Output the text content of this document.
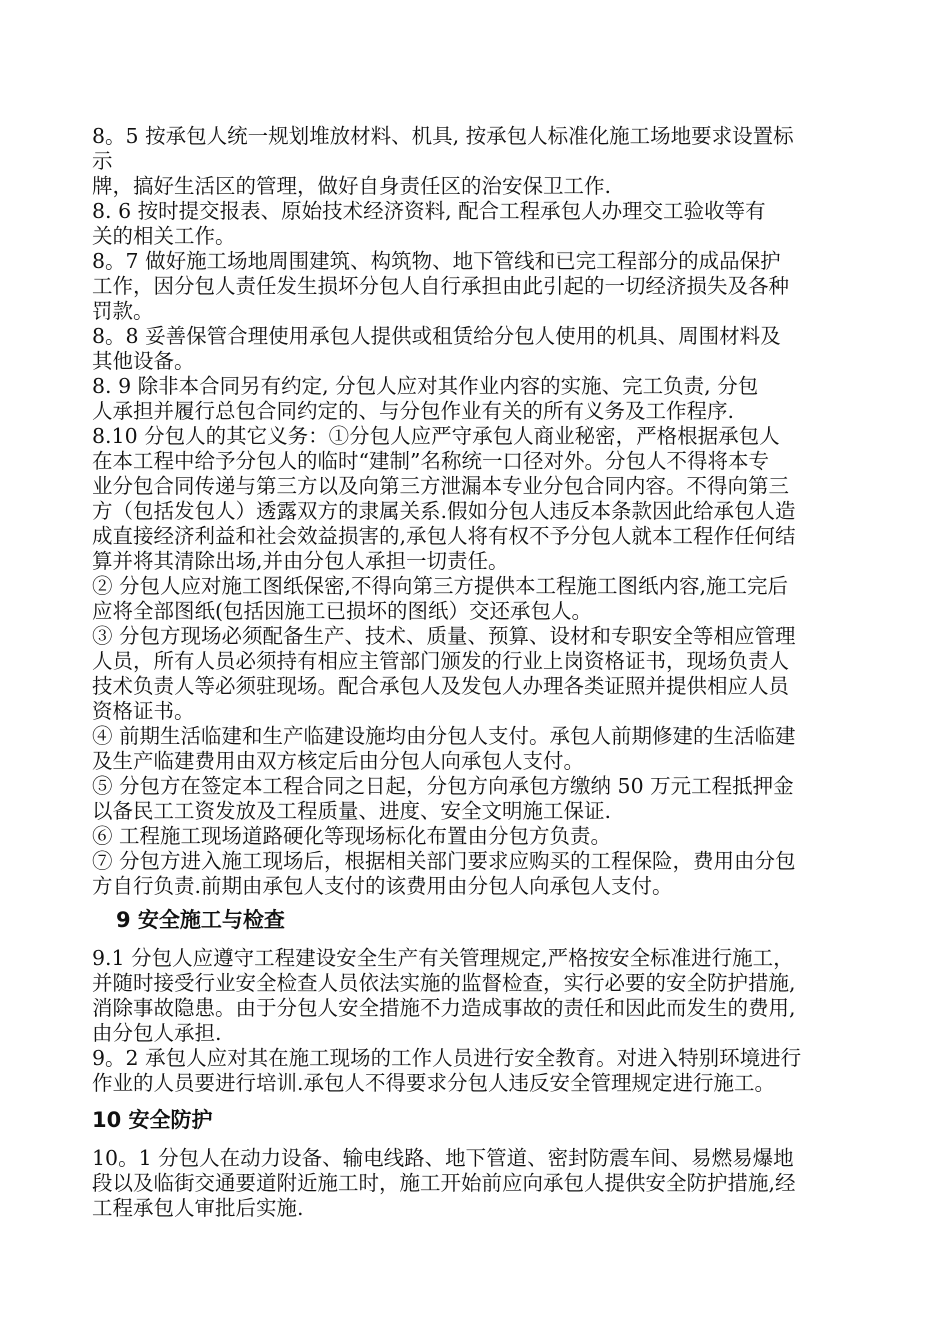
8。5 按承包人统一规划堆放材料、机具, 按承包人标准化施工场地要求设置标
示
牌，搞好生活区的管理，做好自身责任区的治安保卫工作.
8. 6 按时提交报表、原始技术经济资料, 配合工程承包人办理交工验收等有
关的相关工作。
8。7 做好施工场地周围建筑、构筑物、地下管线和已完工程部分的成品保护
工作，因分包人责任发生损坏分包人自行承担由此引起的一切经济损失及各种
罚款。
8。8 妥善保管合理使用承包人提供或租赁给分包人使用的机具、周围材料及
其他设备。
8. 9 除非本合同另有约定, 分包人应对其作业内容的实施、完工负责, 分包
人承担并履行总包合同约定的、与分包作业有关的所有义务及工作程序.
8.10 分包人的其它义务：①分包人应严守承包人商业秘密，严格根据承包人
在本工程中给予分包人的临时“建制”名称统一口径对外。分包人不得将本专
业分包合同传递与第三方以及向第三方泄漏本专业分包合同内容。不得向第三
方（包括发包人）透露双方的隶属关系.假如分包人违反本条款因此给承包人造
成直接经济利益和社会效益损害的,承包人将有权不予分包人就本工程作任何结
算并将其清除出场,并由分包人承担一切责任。
② 分包人应对施工图纸保密,不得向第三方提供本工程施工图纸内容,施工完后
应将全部图纸(包括因施工已损坏的图纸）交还承包人。
③ 分包方现场必须配备生产、技术、质量、预算、设材和专职安全等相应管理
人员，所有人员必须持有相应主管部门颁发的行业上岗资格证书，现场负责人
技术负责人等必须驻现场。配合承包人及发包人办理各类证照并提供相应人员
资格证书。
④ 前期生活临建和生产临建设施均由分包人支付。承包人前期修建的生活临建
及生产临建费用由双方核定后由分包人向承包人支付。
⑤ 分包方在签定本工程合同之日起，分包方向承包方缴纳 50 万元工程抵押金
以备民工工资发放及工程质量、进度、安全文明施工保证.
⑥ 工程施工现场道路硬化等现场标化布置由分包方负责。
⑦ 分包方进入施工现场后，根据相关部门要求应购买的工程保险，费用由分包
方自行负责.前期由承包人支付的该费用由分包人向承包人支付。
9 安全施工与检查
9.1 分包人应遵守工程建设安全生产有关管理规定,严格按安全标准进行施工，
并随时接受行业安全检查人员依法实施的监督检查，实行必要的安全防护措施,
消除事故隐患。由于分包人安全措施不力造成事故的责任和因此而发生的费用,
由分包人承担.
9。2 承包人应对其在施工现场的工作人员进行安全教育。对进入特别环境进行
作业的人员要进行培训.承包人不得要求分包人违反安全管理规定进行施工。
10 安全防护
10。1 分包人在动力设备、输电线路、地下管道、密封防震车间、易燃易爆地
段以及临街交通要道附近施工时，施工开始前应向承包人提供安全防护措施,经
工程承包人审批后实施.
